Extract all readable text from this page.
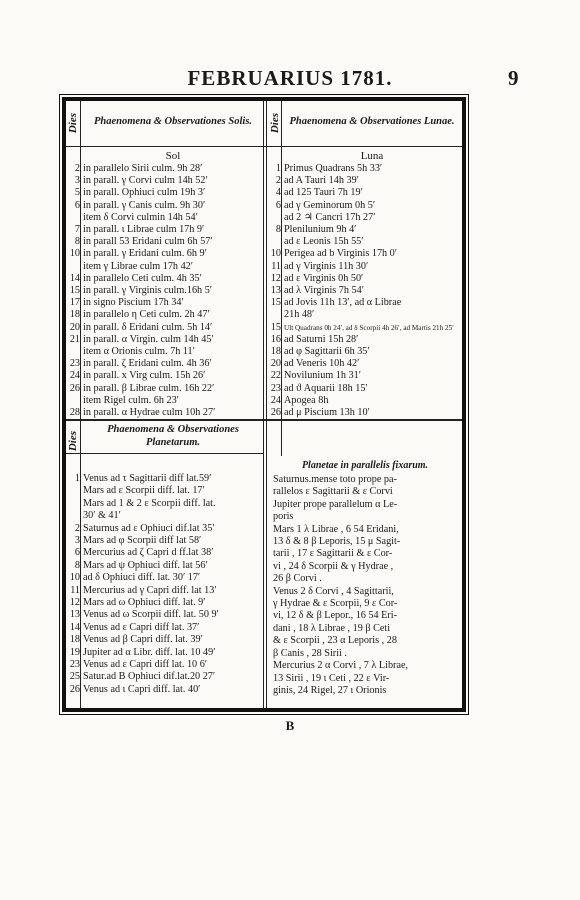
FEBRUARIUS 1781.	9
Dies	Dies
Dies
Phaenomena & Observationes Solis.	Phaenomena & Observationes Lunae.
Sol	Luna
2 in parallelo Sirii culm. 9h 28′
3 in parall. γ Corvi culm 14h 52′
5 in parall. Ophiuci culm 19h 3′
6 in parall. γ Canis culm. 9h 30′
item δ Corvi culmin 14h 54′
7 in parall. ι Librae culm 17h 9′
8 in parall 53 Eridani culm 6h 57′
10 in parall. γ Eridani culm. 6h 9′
item γ Librae culm 17h 42′
14 in parallelo Ceti culm. 4h 35′
15 in parall. γ Virginis culm.16h 5′
17 in signo Piscium 17h 34′
18 in parallelo η Ceti culm. 2h 47′
20 in parall. δ Eridani culm. 5h 14′
21 in parall. α Virgin. culm 14h 45′
item α Orionis culm. 7h 11′
23 in parall. ζ Eridani culm. 4h 36′
24 in parall. x Virg culm. 15h 26′
26 in parall. β Librae culm. 16h 22′
item Rigel culm. 6h 23′
28 in parall. α Hydrae culm 10h 27′
1 Primus Quadrans 5h 33′
2 ad A Tauri 14h 39′
4 ad 125 Tauri 7h 19′
6 ad γ Geminorum 0h 5′
ad 2 ♃ Cancri 17h 27′
8 Plenilunium 9h 4′
ad ε Leonis 15h 55′
10 Perigea ad b Virginis 17h 0′
11 ad γ Virginis 11h 30′
12 ad ε Virginis 0h 50′
13 ad λ Virginis 7h 54′
15 ad Jovis 11h 13′, ad α Librae
21h 48′
15 Ult Quadrans 0h 24′, ad δ Scorpii 4h 26′, ad Martis 21h 25′
16 ad Saturni 15h 28′
18 ad φ Sagittarii 6h 35′
20 ad Veneris 10h 42′
22 Novilunium 1h 31′
23 ad ϑ Aquarii 18h 15′
24 Apogea 8h
26 ad μ Piscium 13h 10′
Phaenomena & Observationes Planetarum.
Planetae in parallelis fixarum.
1 Venus ad τ Sagittarii diff lat.59′
Mars ad ε Scorpii diff. lat. 17′
Mars ad 1 & 2 ε Scorpii diff. lat.
30′ & 41′
2 Saturnus ad ε Ophiuci dif.lat 35′
3 Mars ad φ Scorpii diff lat 58′
6 Mercurius ad ζ Capri d ff.lat 38′
8 Mars ad ψ Ophiuci diff. lat 56′
10 ad δ Ophiuci diff. lat. 30′ 17′
11 Mercurius ad γ Capri diff. lat 13′
12 Mars ad ω Ophiuci diff. lat. 9′
13 Venus ad ω Scorpii diff. lat. 50 9′
14 Venus ad ε Capri diff lat. 37′
18 Venus ad β Capri diff. lat. 39′
19 Jupiter ad α Libr. diff. lat. 10 49′
23 Venus ad ε Capri diff lat. 10 6′
25 Satur.ad B Ophiuci dif.lat.20 27′
26 Venus ad ι Capri diff. lat. 40′
Saturnus.mense toto prope pa-
rallelos ε Sagittarii & ε Corvi
Jupiter prope parallelum α Le-
poris
Mars 1 λ Librae , 6 54 Eridani,
13 δ & 8 β Leporis, 15 μ Sagit-
tarii , 17 ε Sagittarii & ε Cor-
vi , 24 δ Scorpii & γ Hydrae ,
26 β Corvi .
Venus 2 δ Corvi , 4 Sagittarii,
γ Hydrae & ε Scorpii, 9 ε Cor-
vi, 12 δ & β Lepor., 16 54 Eri-
dani , 18 λ Librae , 19 β Ceti
& ε Scorpii , 23 α Leporis , 28
β Canis , 28 Sirii .
Mercurius 2 α Corvi , 7 λ Librae,
13 Sirii , 19 ι Ceti , 22 ε Vir-
ginis, 24 Rigel, 27 ι Orionis
B
